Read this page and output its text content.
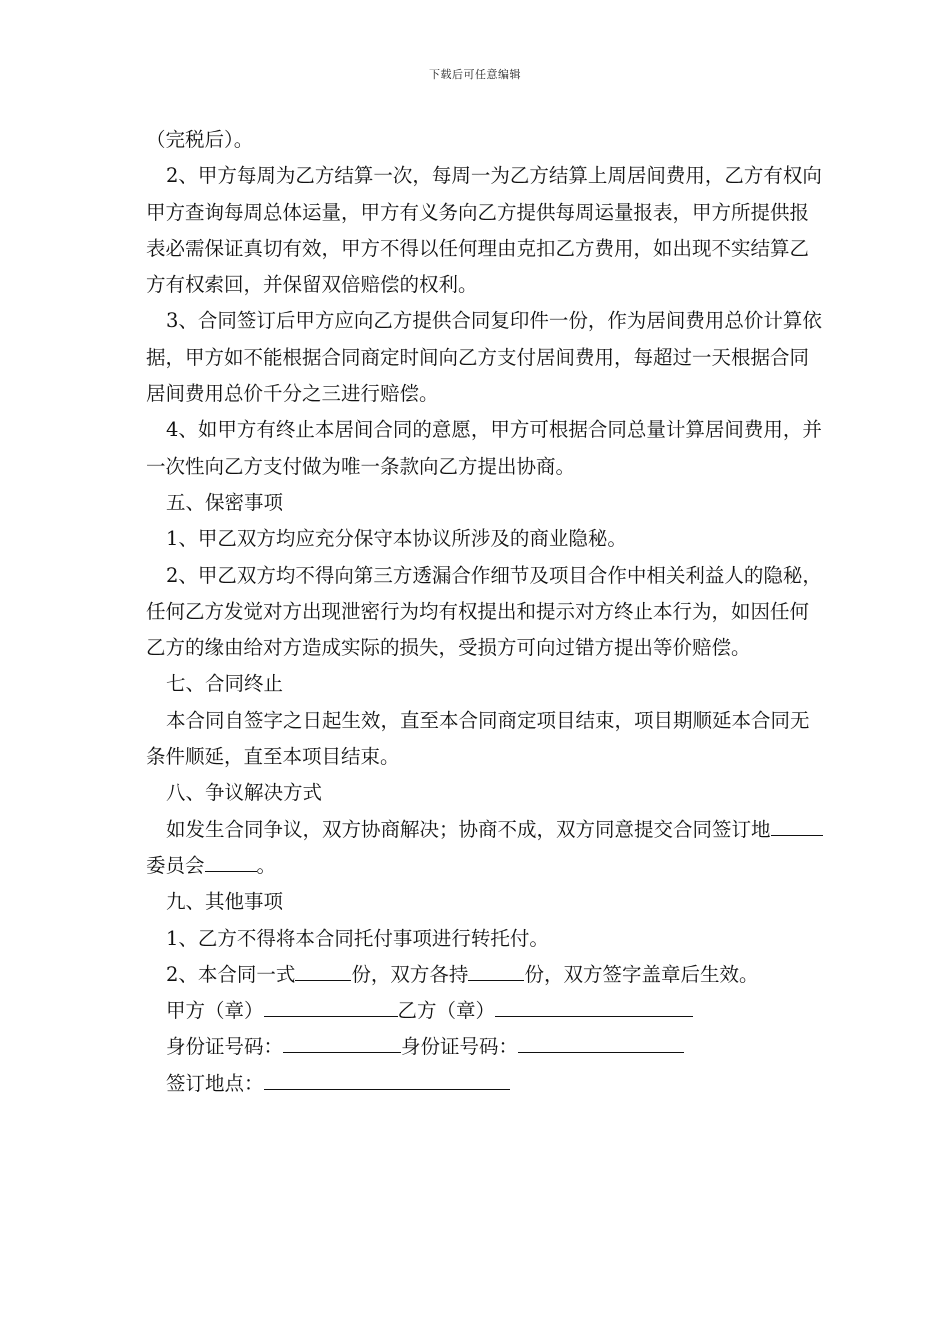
下载后可任意编辑

（完税后）。

2、甲方每周为乙方结算一次，每周一为乙方结算上周居间费用，乙方有权向甲方查询每周总体运量，甲方有义务向乙方提供每周运量报表，甲方所提供报表必需保证真切有效，甲方不得以任何理由克扣乙方费用，如出现不实结算乙方有权索回，并保留双倍赔偿的权利。

3、合同签订后甲方应向乙方提供合同复印件一份，作为居间费用总价计算依据，甲方如不能根据合同商定时间向乙方支付居间费用，每超过一天根据合同居间费用总价千分之三进行赔偿。

4、如甲方有终止本居间合同的意愿，甲方可根据合同总量计算居间费用，并一次性向乙方支付做为唯一条款向乙方提出协商。

五、保密事项

1、甲乙双方均应充分保守本协议所涉及的商业隐秘。

2、甲乙双方均不得向第三方透漏合作细节及项目合作中相关利益人的隐秘，任何乙方发觉对方出现泄密行为均有权提出和提示对方终止本行为，如因任何乙方的缘由给对方造成实际的损失，受损方可向过错方提出等价赔偿。

七、合同终止

本合同自签字之日起生效，直至本合同商定项目结束，项目期顺延本合同无条件顺延，直至本项目结束。

八、争议解决方式

如发生合同争议，双方协商解决；协商不成，双方同意提交合同签订地委员会	。

九、其他事项

1、乙方不得将本合同托付事项进行转托付。

2、本合同一式	份，双方各持	份，双方签字盖章后生效。

甲方（章）	乙方（章）

身份证号码：	身份证号码：

签订地点：
